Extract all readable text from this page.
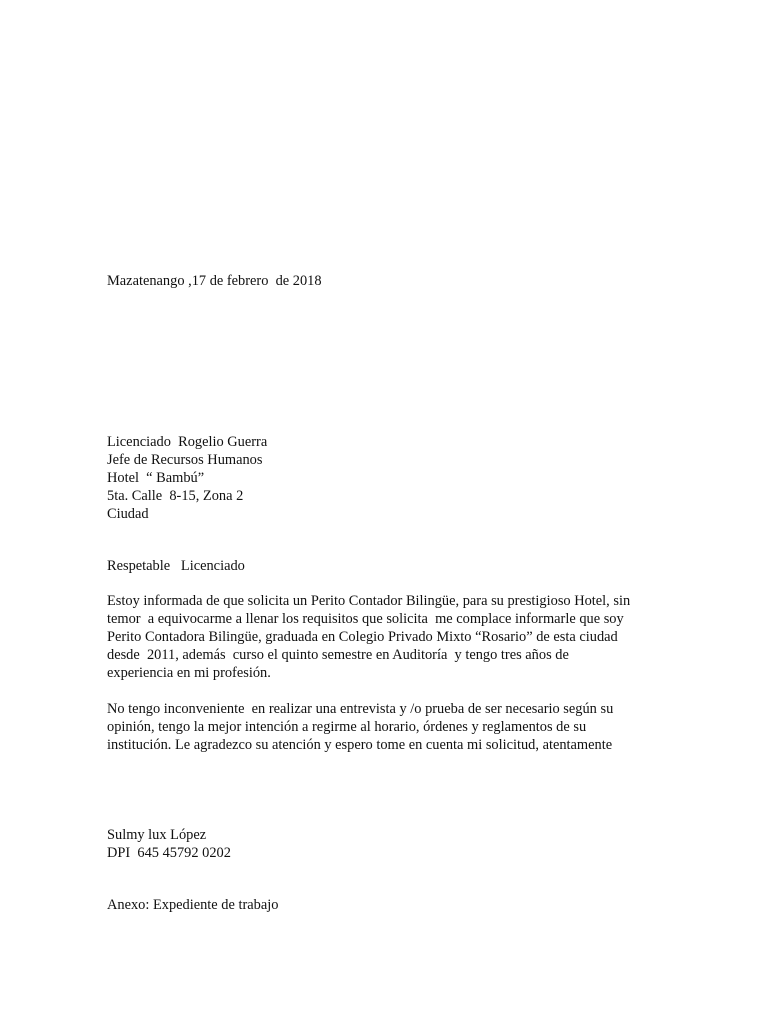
Mazatenango ,17 de febrero  de 2018

Licenciado  Rogelio Guerra
Jefe de Recursos Humanos
Hotel  “ Bambú”
5ta. Calle  8-15, Zona 2
Ciudad

Respetable   Licenciado

Estoy informada de que solicita un Perito Contador Bilingüe, para su prestigioso Hotel, sin
temor  a equivocarme a llenar los requisitos que solicita  me complace informarle que soy
Perito Contadora Bilingüe, graduada en Colegio Privado Mixto “Rosario” de esta ciudad
desde  2011, además  curso el quinto semestre en Auditoría  y tengo tres años de
experiencia en mi profesión.
No tengo inconveniente  en realizar una entrevista y /o prueba de ser necesario según su
opinión, tengo la mejor intención a regirme al horario, órdenes y reglamentos de su
institución. Le agradezco su atención y espero tome en cuenta mi solicitud, atentamente
Sulmy lux López
DPI  645 45792 0202

Anexo: Expediente de trabajo
